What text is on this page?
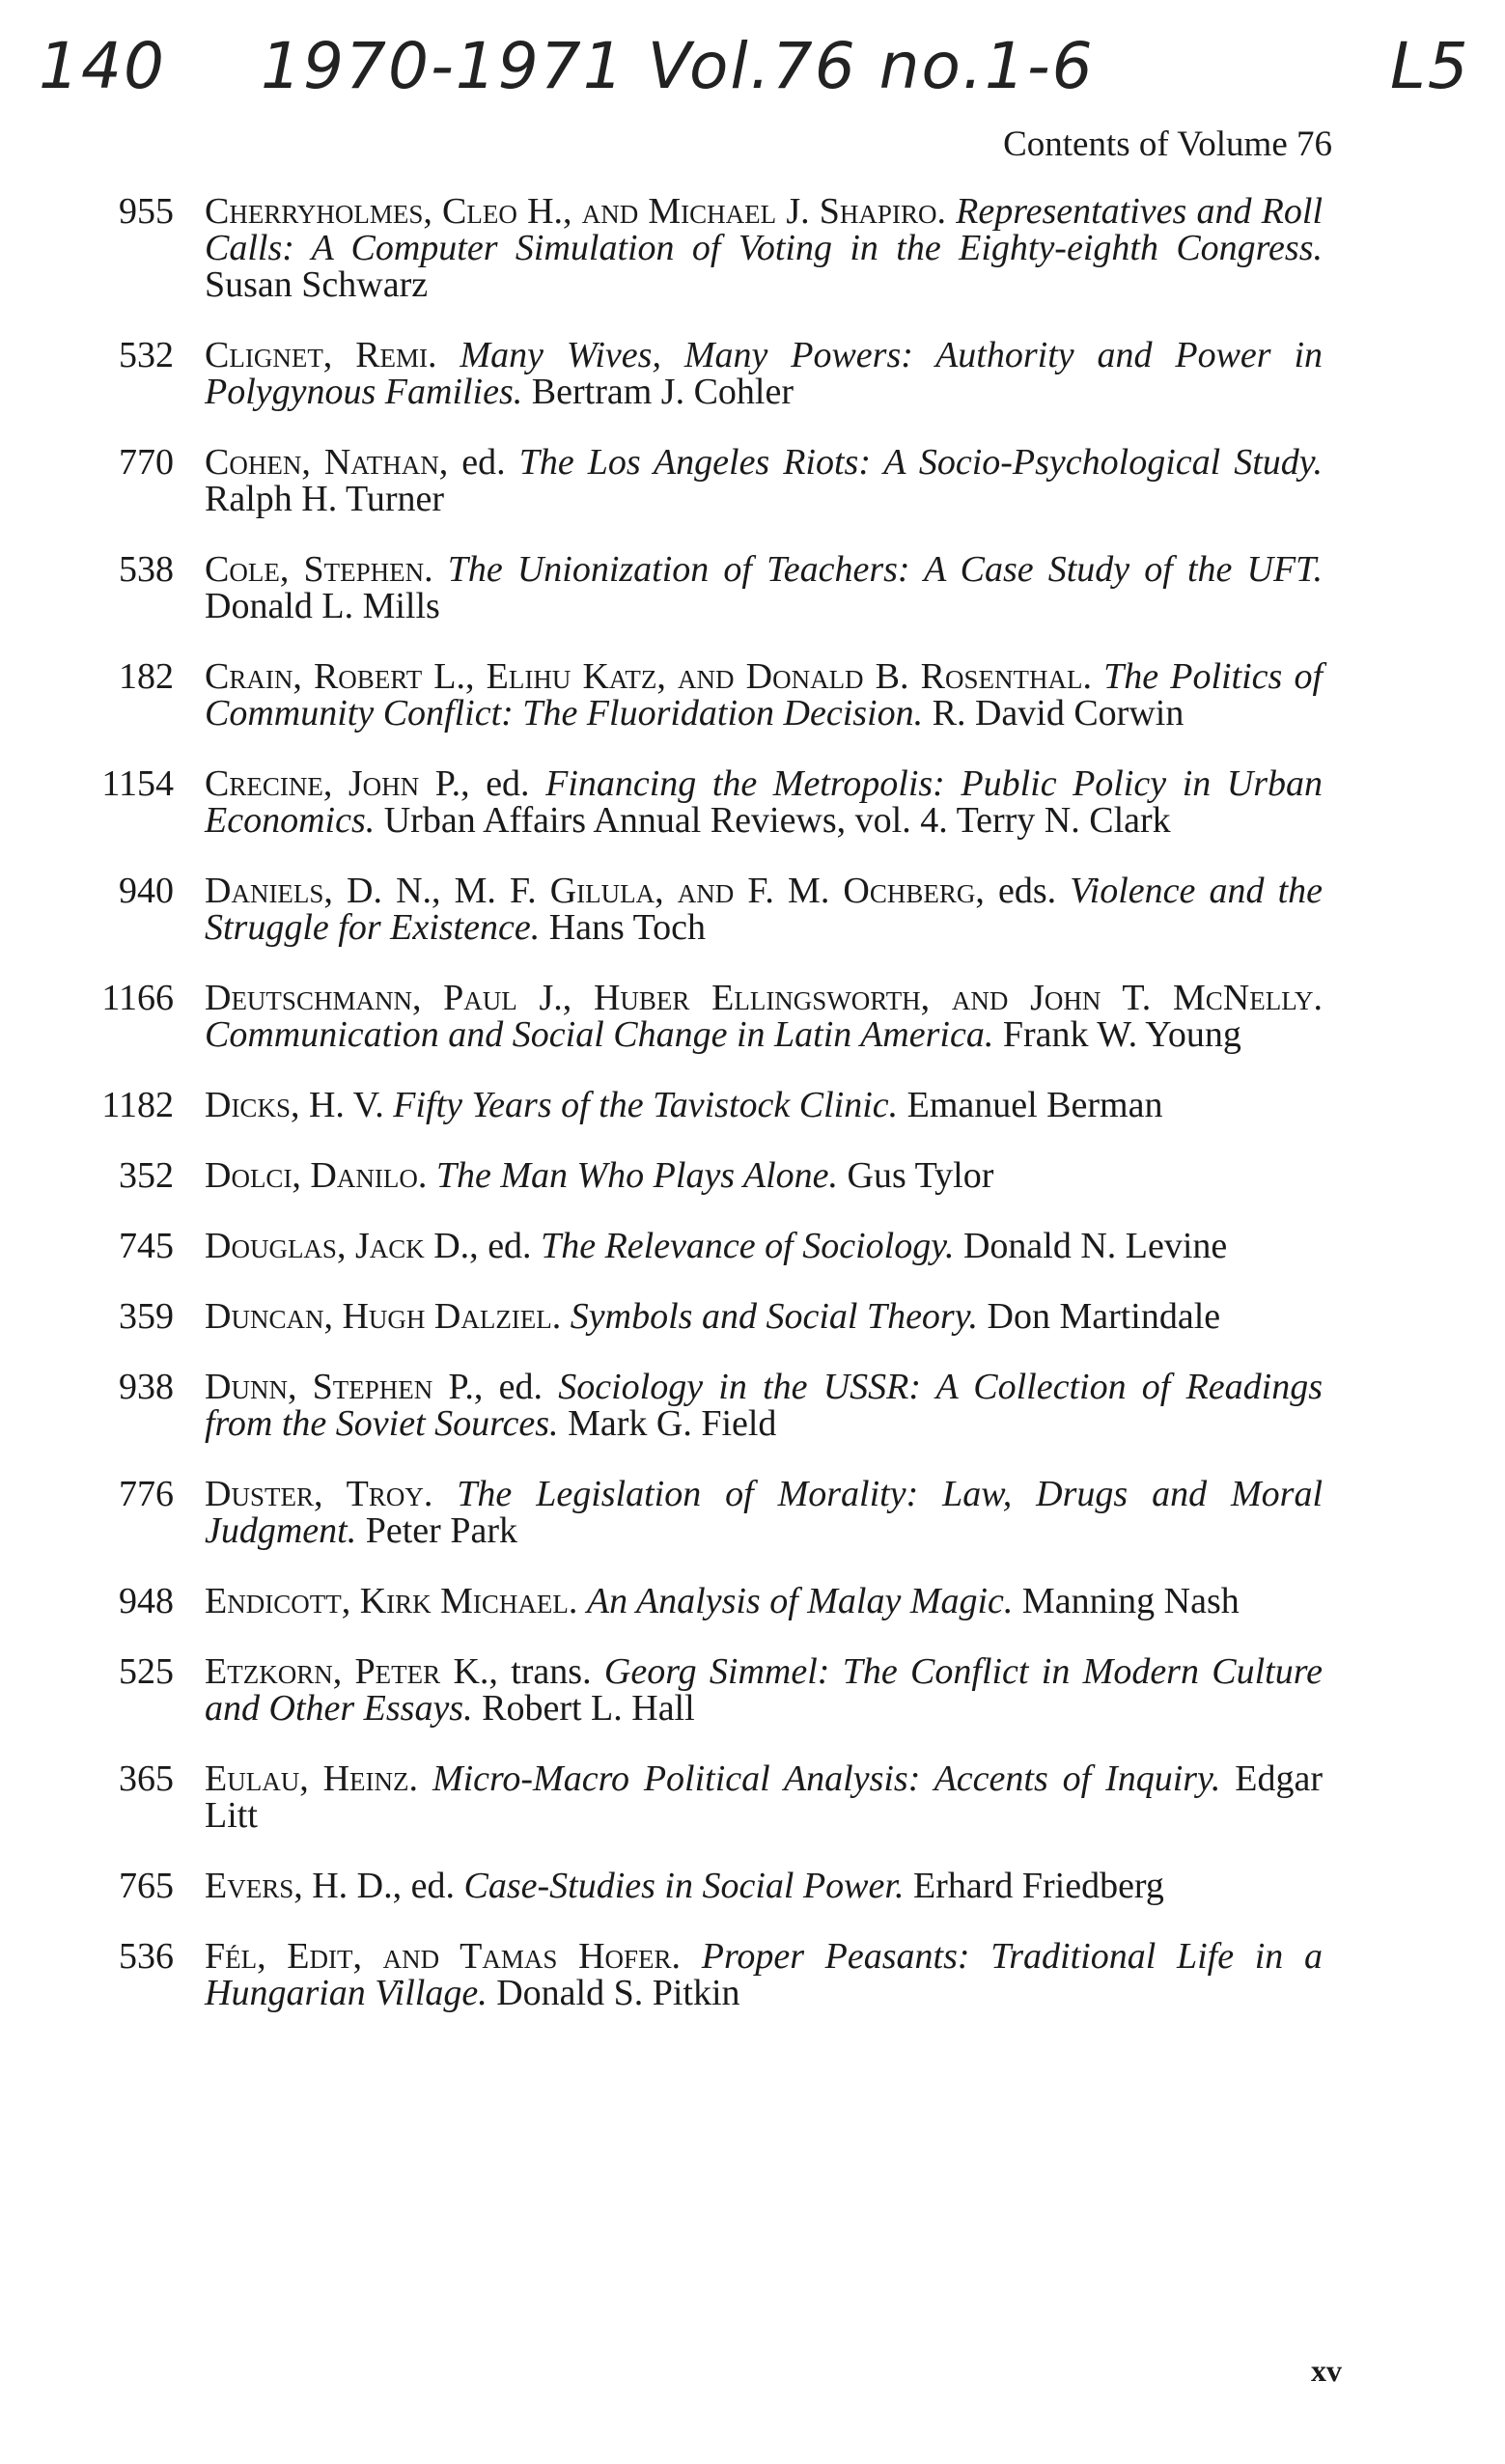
140 1970-1971 Vol.76 no.1-6	L5
Contents of Volume 76
955 Cherryholmes, Cleo H., and Michael J. Shapiro. Representatives and Roll Calls: A Computer Simulation of Voting in the Eighty-eighth Congress. Susan Schwarz
532 Clignet, Remi. Many Wives, Many Powers: Authority and Power in Polygynous Families. Bertram J. Cohler
770 Cohen, Nathan, ed. The Los Angeles Riots: A Socio-Psychological Study. Ralph H. Turner
538 Cole, Stephen. The Unionization of Teachers: A Case Study of the UFT. Donald L. Mills
182 Crain, Robert L., Elihu Katz, and Donald B. Rosenthal. The Politics of Community Conflict: The Fluoridation Decision. R. David Corwin
1154 Crecine, John P., ed. Financing the Metropolis: Public Policy in Urban Economics. Urban Affairs Annual Reviews, vol. 4. Terry N. Clark
940 Daniels, D. N., M. F. Gilula, and F. M. Ochberg, eds. Violence and the Struggle for Existence. Hans Toch
1166 Deutschmann, Paul J., Huber Ellingsworth, and John T. McNelly. Communication and Social Change in Latin America. Frank W. Young
1182 Dicks, H. V. Fifty Years of the Tavistock Clinic. Emanuel Berman
352 Dolci, Danilo. The Man Who Plays Alone. Gus Tylor
745 Douglas, Jack D., ed. The Relevance of Sociology. Donald N. Levine
359 Duncan, Hugh Dalziel. Symbols and Social Theory. Don Martindale
938 Dunn, Stephen P., ed. Sociology in the USSR: A Collection of Readings from the Soviet Sources. Mark G. Field
776 Duster, Troy. The Legislation of Morality: Law, Drugs and Moral Judgment. Peter Park
948 Endicott, Kirk Michael. An Analysis of Malay Magic. Manning Nash
525 Etzkorn, Peter K., trans. Georg Simmel: The Conflict in Modern Culture and Other Essays. Robert L. Hall
365 Eulau, Heinz. Micro-Macro Political Analysis: Accents of Inquiry. Edgar Litt
765 Evers, H. D., ed. Case-Studies in Social Power. Erhard Friedberg
536 Fél, Edit, and Tamas Hofer. Proper Peasants: Traditional Life in a Hungarian Village. Donald S. Pitkin
xv
